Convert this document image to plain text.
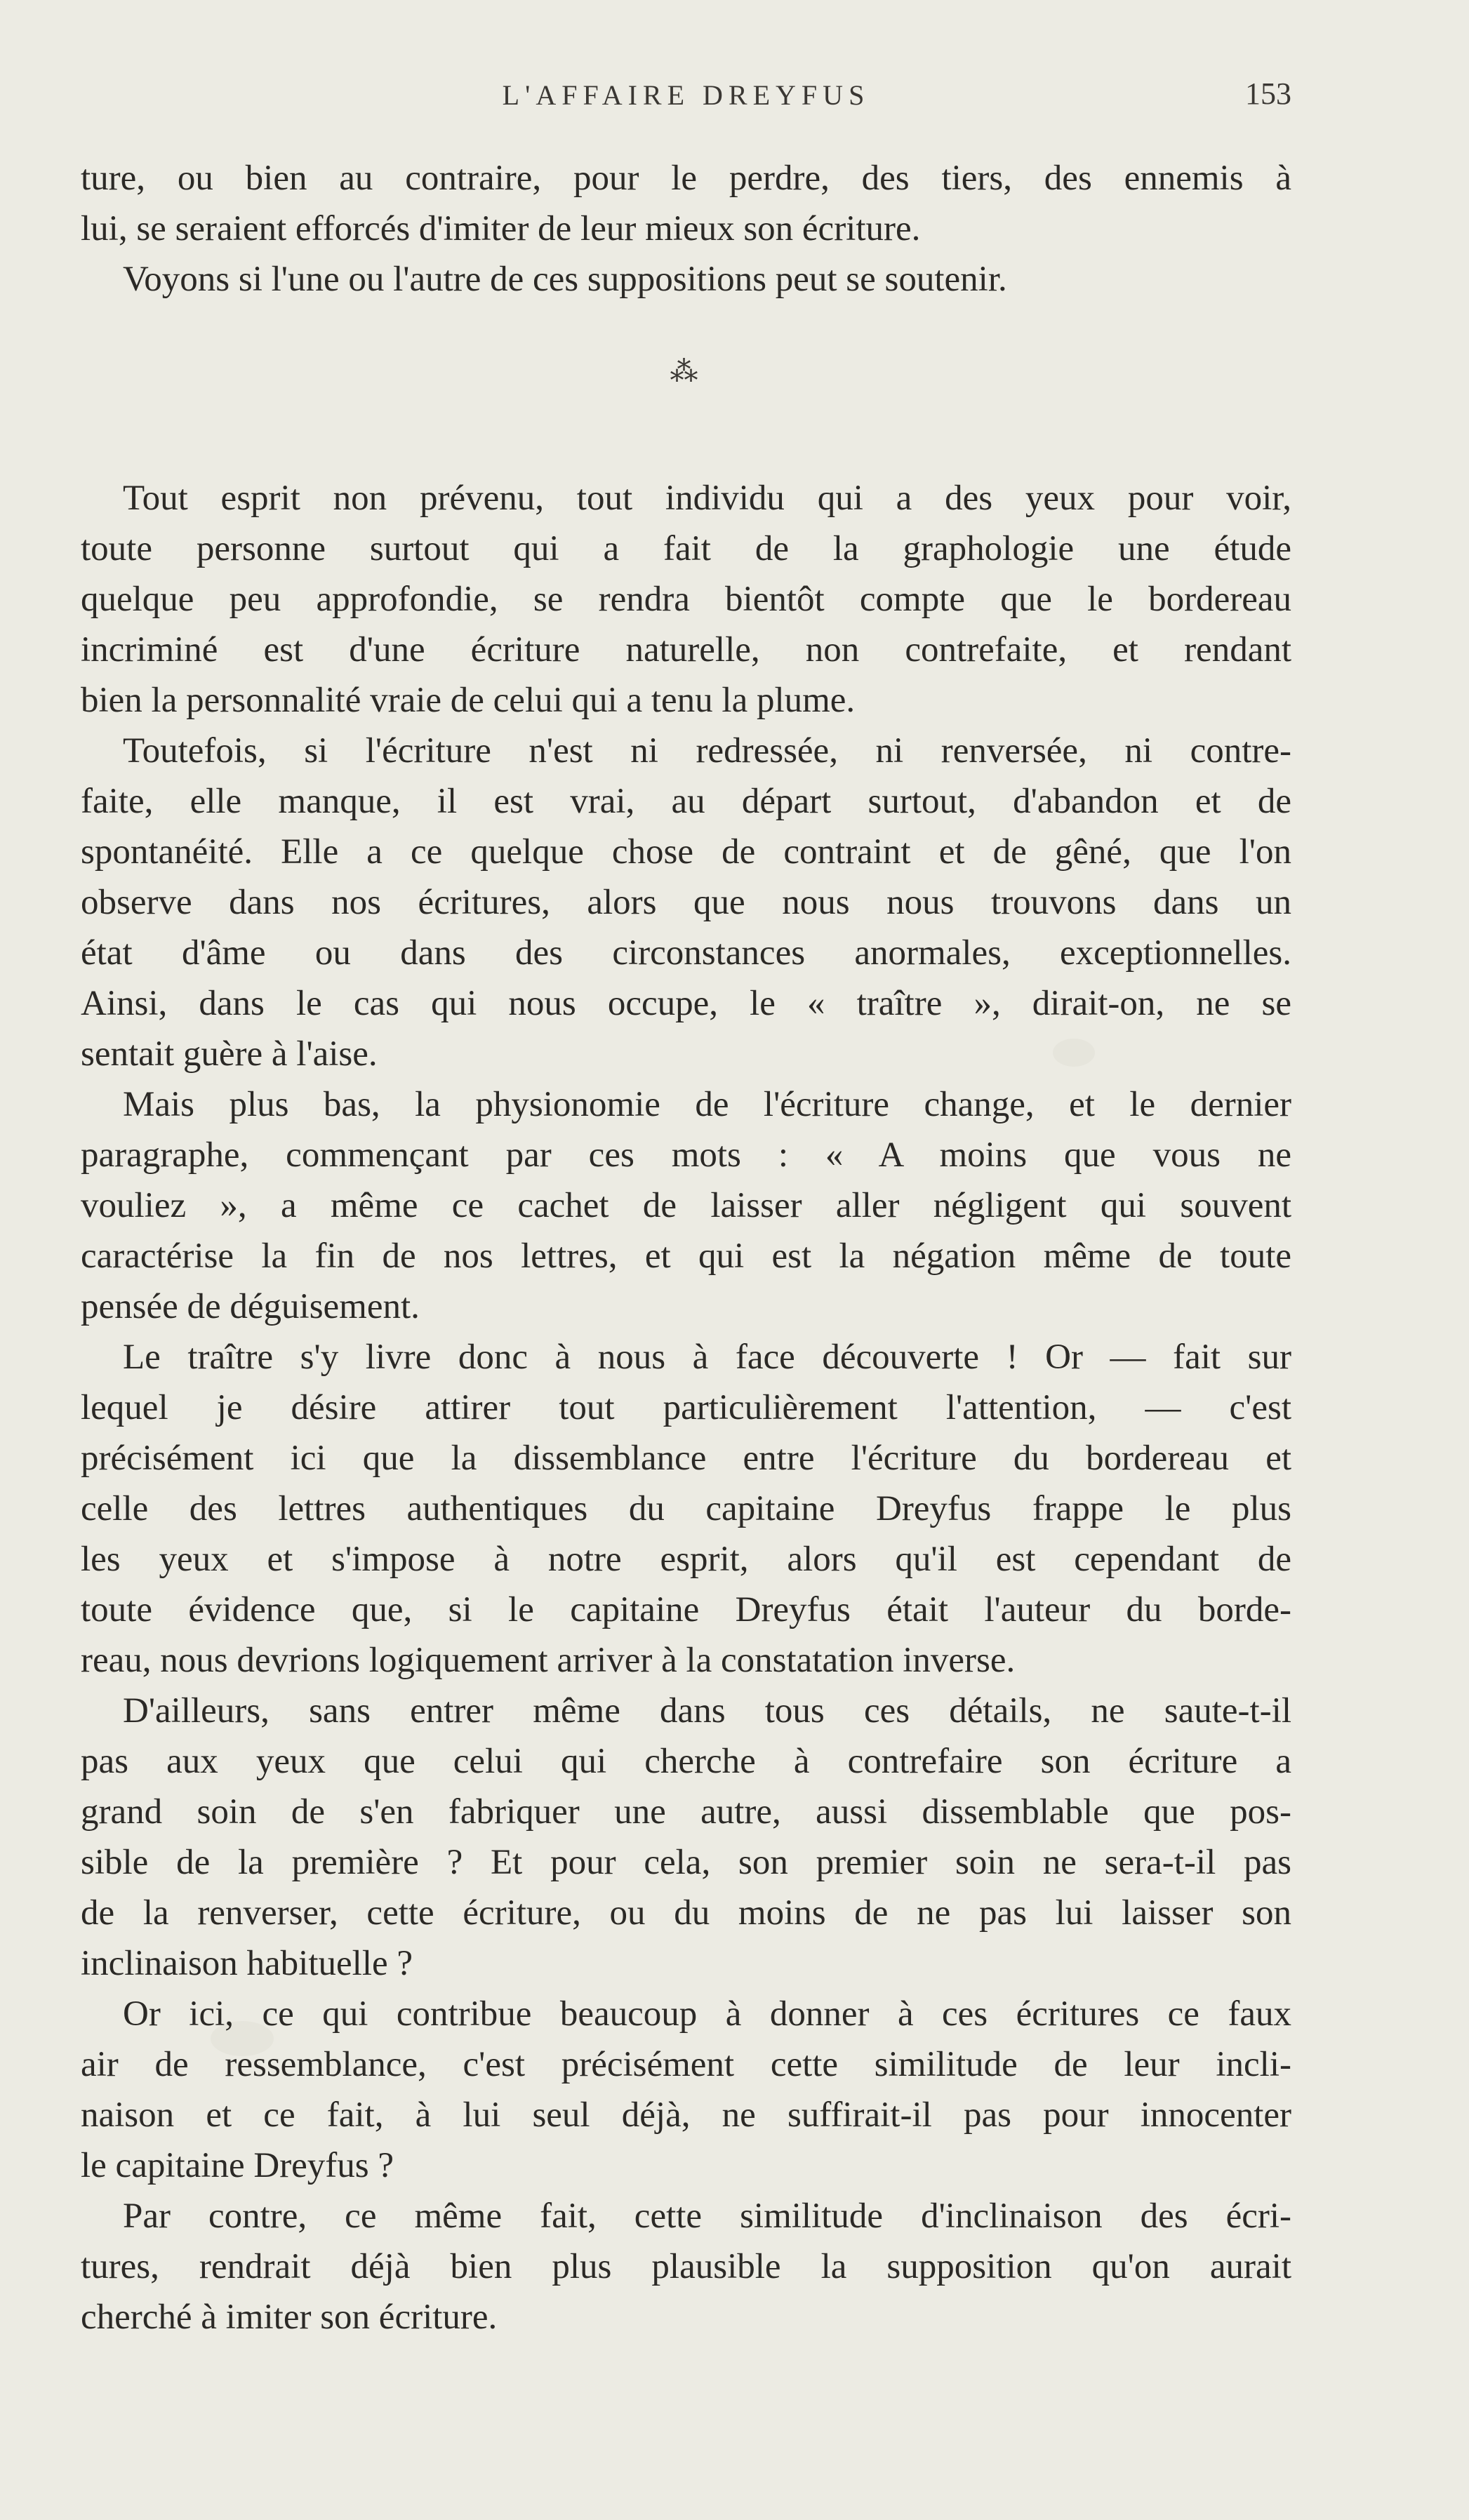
L'AFFAIRE DREYFUS	153
ture, ou bien au contraire, pour le perdre, des tiers, des ennemis à
lui, se seraient efforcés d'imiter de leur mieux son écriture.
Voyons si l'une ou l'autre de ces suppositions peut se soutenir.
⁂
Tout esprit non prévenu, tout individu qui a des yeux pour voir,
toute personne surtout qui a fait de la graphologie une étude
quelque peu approfondie, se rendra bientôt compte que le bordereau
incriminé est d'une écriture naturelle, non contrefaite, et rendant
bien la personnalité vraie de celui qui a tenu la plume.
Toutefois, si l'écriture n'est ni redressée, ni renversée, ni contre-
faite, elle manque, il est vrai, au départ surtout, d'abandon et de
spontanéité. Elle a ce quelque chose de contraint et de gêné, que l'on
observe dans nos écritures, alors que nous nous trouvons dans un
état d'âme ou dans des circonstances anormales, exceptionnelles.
Ainsi, dans le cas qui nous occupe, le « traître », dirait-on, ne se
sentait guère à l'aise.
Mais plus bas, la physionomie de l'écriture change, et le dernier
paragraphe, commençant par ces mots : « A moins que vous ne
vouliez », a même ce cachet de laisser aller négligent qui souvent
caractérise la fin de nos lettres, et qui est la négation même de toute
pensée de déguisement.
Le traître s'y livre donc à nous à face découverte ! Or — fait sur
lequel je désire attirer tout particulièrement l'attention, — c'est
précisément ici que la dissemblance entre l'écriture du bordereau et
celle des lettres authentiques du capitaine Dreyfus frappe le plus
les yeux et s'impose à notre esprit, alors qu'il est cependant de
toute évidence que, si le capitaine Dreyfus était l'auteur du borde-
reau, nous devrions logiquement arriver à la constatation inverse.
D'ailleurs, sans entrer même dans tous ces détails, ne saute-t-il
pas aux yeux que celui qui cherche à contrefaire son écriture a
grand soin de s'en fabriquer une autre, aussi dissemblable que pos-
sible de la première ? Et pour cela, son premier soin ne sera-t-il pas
de la renverser, cette écriture, ou du moins de ne pas lui laisser son
inclinaison habituelle ?
Or ici, ce qui contribue beaucoup à donner à ces écritures ce faux
air de ressemblance, c'est précisément cette similitude de leur incli-
naison et ce fait, à lui seul déjà, ne suffirait-il pas pour innocenter
le capitaine Dreyfus ?
Par contre, ce même fait, cette similitude d'inclinaison des écri-
tures, rendrait déjà bien plus plausible la supposition qu'on aurait
cherché à imiter son écriture.
